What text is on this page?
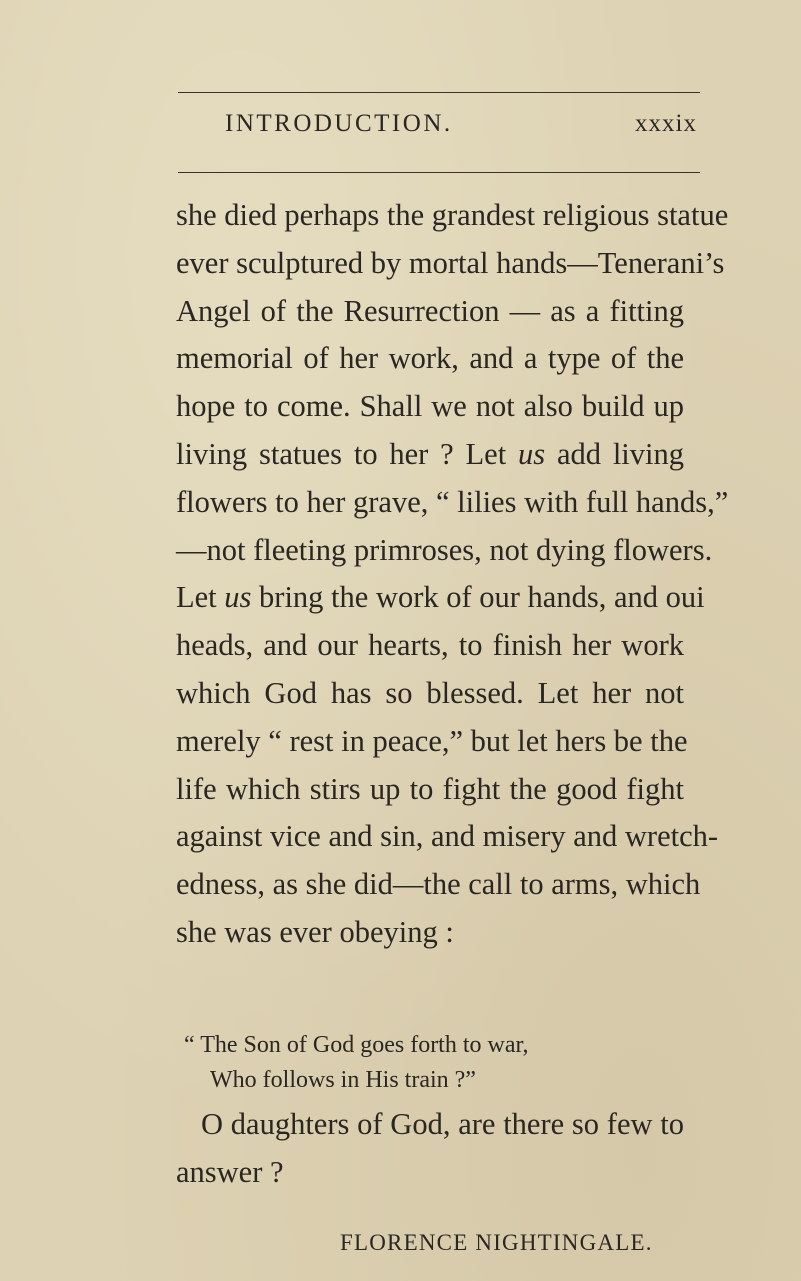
INTRODUCTION.	xxxix
she died perhaps the grandest religious statue
ever sculptured by mortal hands—Tenerani’s
Angel of the Resurrection — as a fitting
memorial of her work, and a type of the
hope to come. Shall we not also build up
living statues to her ? Let us add living
flowers to her grave, “ lilies with full hands,”
—not fleeting primroses, not dying flowers.
Let us bring the work of our hands, and oui
heads, and our hearts, to finish her work
which God has so blessed. Let her not
merely “ rest in peace,” but let hers be the
life which stirs up to fight the good fight
against vice and sin, and misery and wretch-
edness, as she did—the call to arms, which
she was ever obeying :
“ The Son of God goes forth to war,
Who follows in His train ?”
O daughters of God, are there so few to
answer ?
FLORENCE NIGHTINGALE.
